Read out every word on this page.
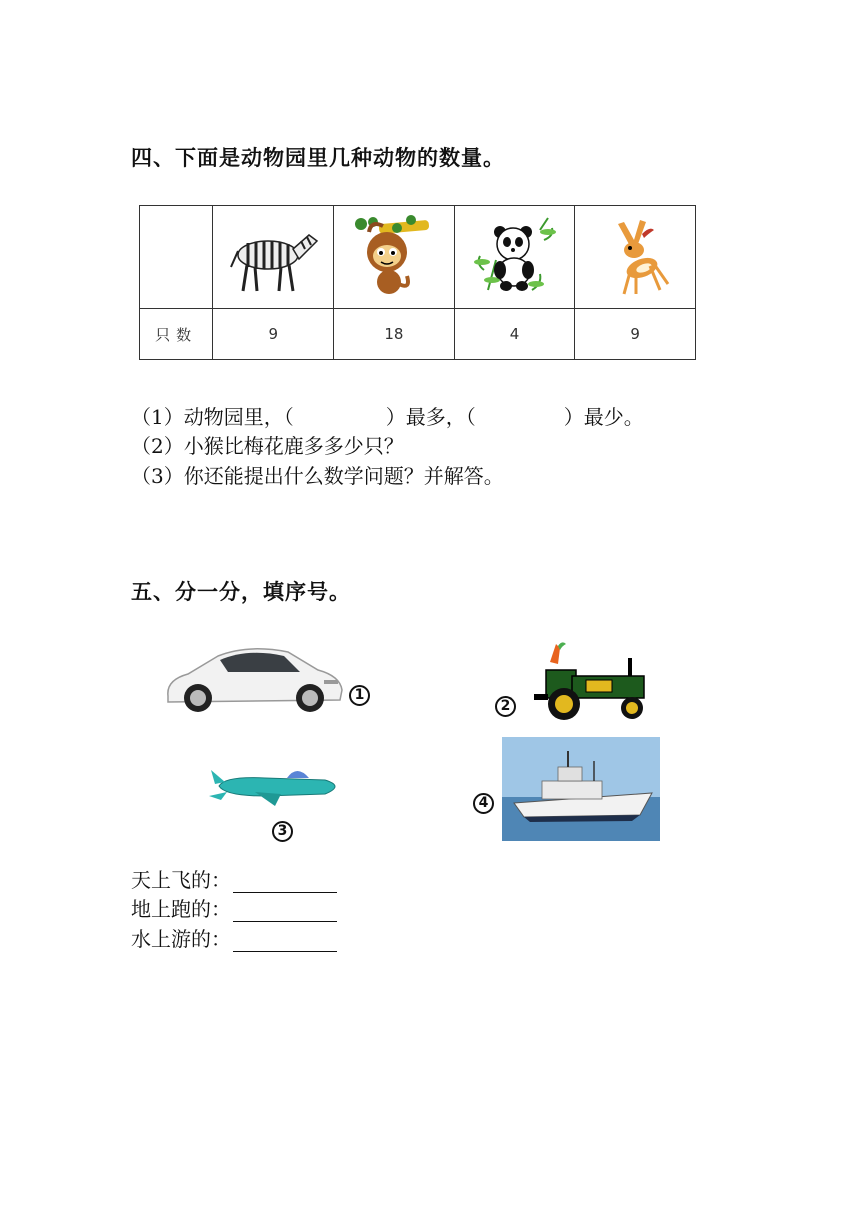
四、下面是动物园里几种动物的数量。

只数	9	18	4	9
（1）动物园里，（	）最多，（	）最少。
（2）小猴比梅花鹿多多少只？
（3）你还能提出什么数学问题？并解答。
五、分一分，填序号。
1
2
3
4
天上飞的：
地上跑的：
水上游的：
